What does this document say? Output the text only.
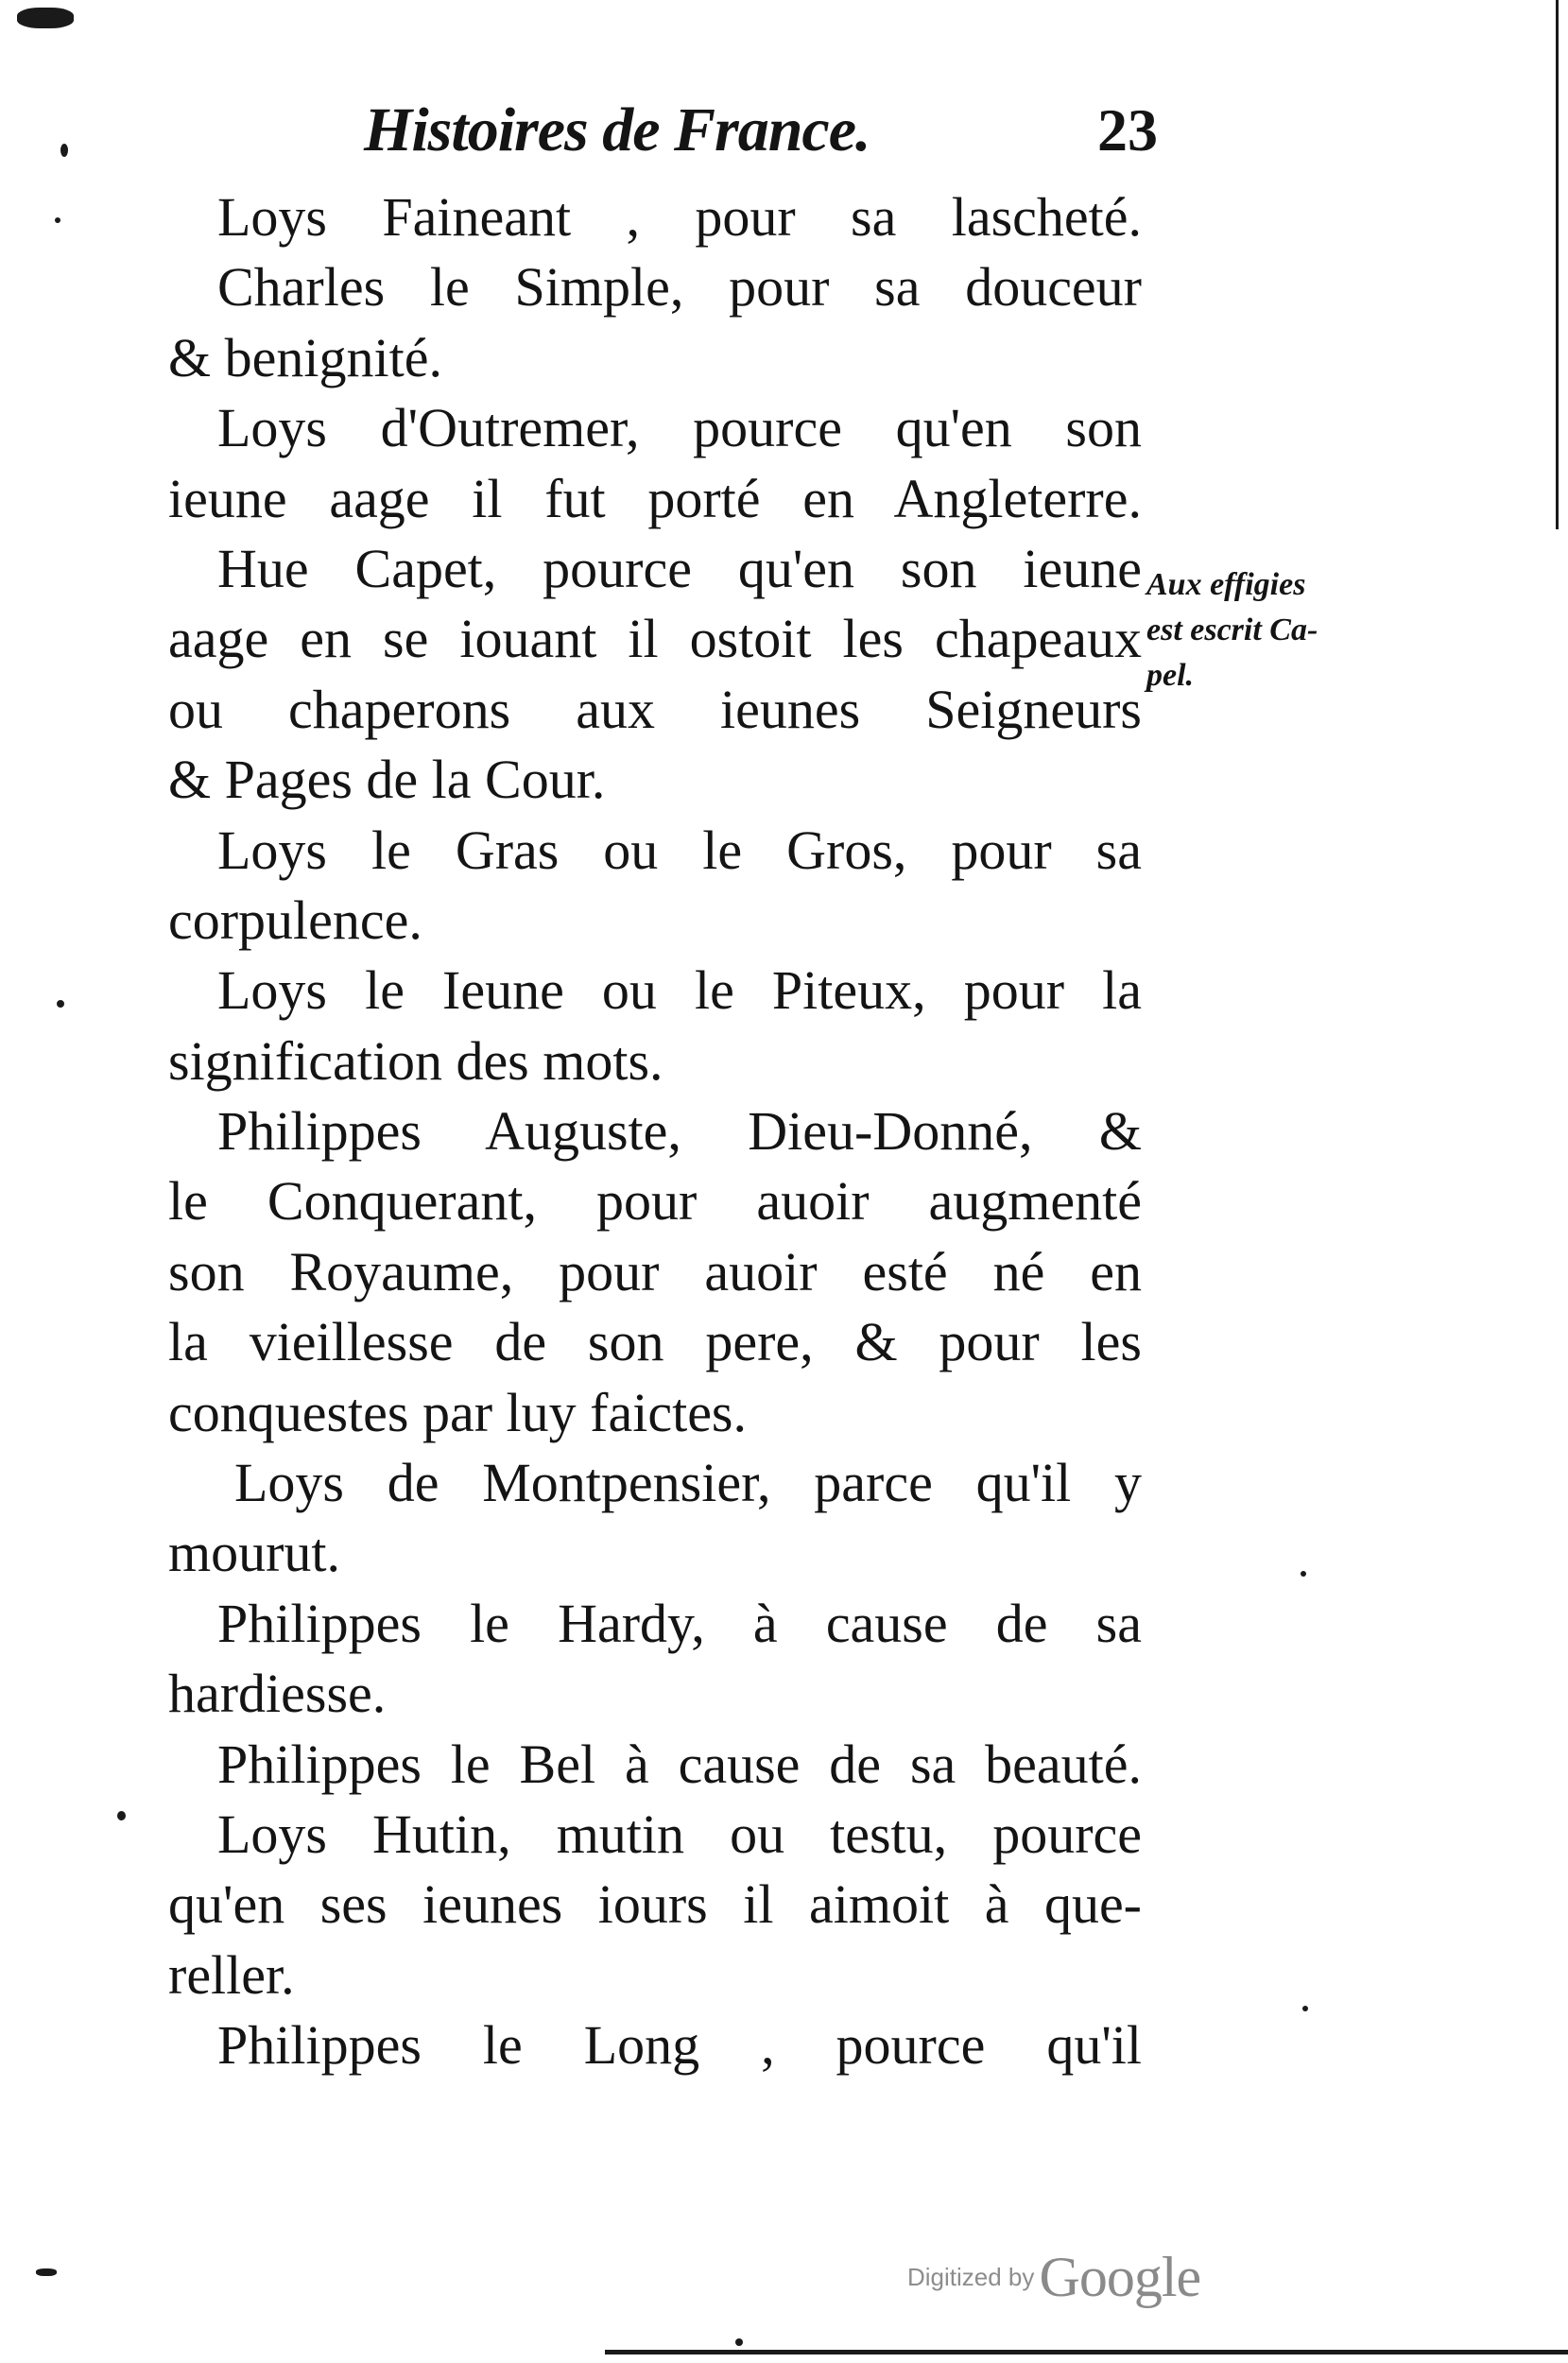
Histoires de France.	23
Loys Faineant , pour sa lascheté.
Charles le Simple, pour sa douceur
& benignité.
Loys d'Outremer, pource qu'en son
ieune aage il fut porté en Angleterre.
Hue Capet, pource qu'en son ieune
aage en se iouant il ostoit les chapeaux
ou chaperons aux ieunes Seigneurs
& Pages de la Cour.
Loys le Gras ou le Gros, pour sa
corpulence.
Loys le Ieune ou le Piteux, pour la
signification des mots.
Philippes Auguste, Dieu-Donné, &
le Conquerant, pour auoir augmenté
son Royaume, pour auoir esté né en
la vieillesse de son pere, & pour les
conquestes par luy faictes.
Loys de Montpensier, parce qu'il y
mourut.
Philippes le Hardy, à cause de sa
hardiesse.
Philippes le Bel à cause de sa beauté.
Loys Hutin, mutin ou testu, pource
qu'en ses ieunes iours il aimoit à que-
reller.
Philippes le Long , pource qu'il
Aux effigies
est escrit Ca-
pel.
Digitized by Google
